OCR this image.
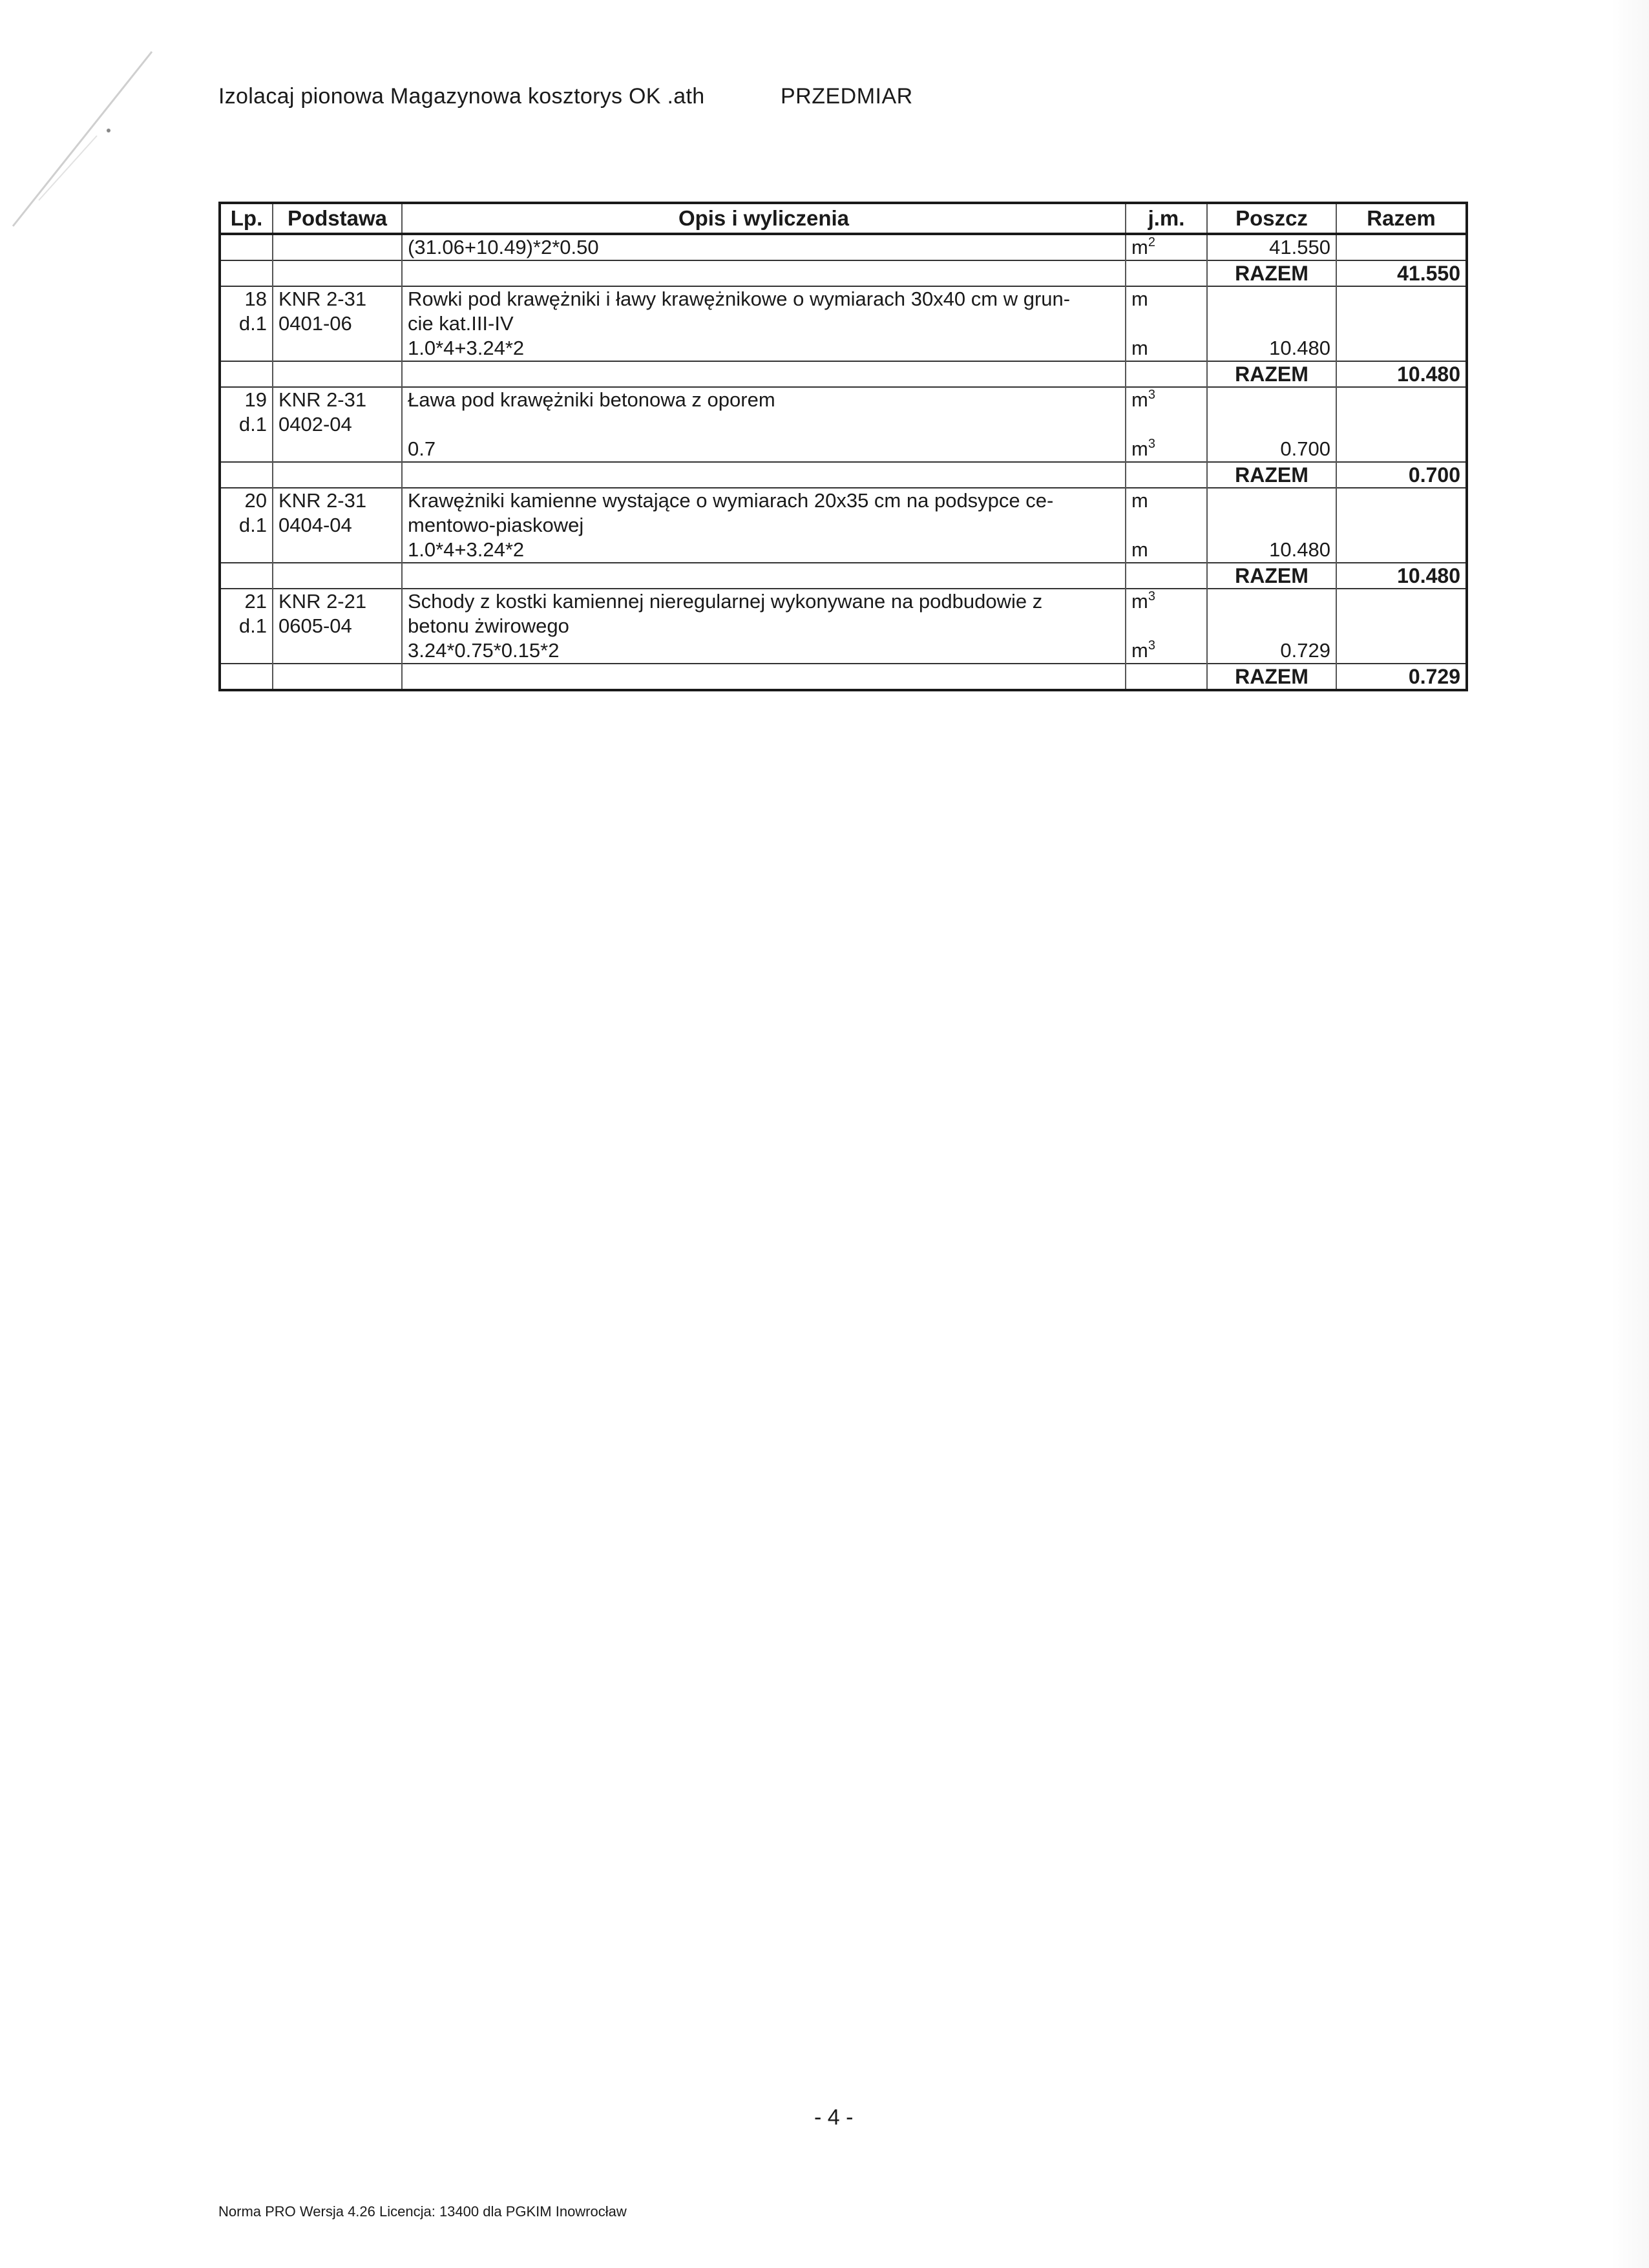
Izolacaj pionowa Magazynowa kosztorys OK .ath	PRZEDMIAR
Lp.	Podstawa	Opis i wyliczenia	j.m.	Poszcz	Razem
		(31.06+10.49)*2*0.50	$m^2$	41.550	
				RAZEM	41.550
18	KNR 2-31	Rowki pod krawężniki i ławy krawężnikowe o wymiarach 30x40 cm w grun-	m		
d.1	0401-06	cie kat.III-IV			
		1.0*4+3.24*2	m	10.480	
				RAZEM	10.480
19	KNR 2-31	Ława pod krawężniki betonowa z oporem	$m^3$		
d.1	0402-04				
		0.7	$m^3$	0.700	
				RAZEM	0.700
20	KNR 2-31	Krawężniki kamienne wystające o wymiarach 20x35 cm na podsypce ce-	m		
d.1	0404-04	mentowo-piaskowej			
		1.0*4+3.24*2	m	10.480	
				RAZEM	10.480
21	KNR 2-21	Schody z kostki kamiennej nieregularnej wykonywane na podbudowie z	$m^3$		
d.1	0605-04	betonu żwirowego			
		3.24*0.75*0.15*2	$m^3$	0.729	
				RAZEM	0.729
- 4 -
Norma PRO Wersja 4.26 Licencja: 13400 dla PGKIM Inowrocław
